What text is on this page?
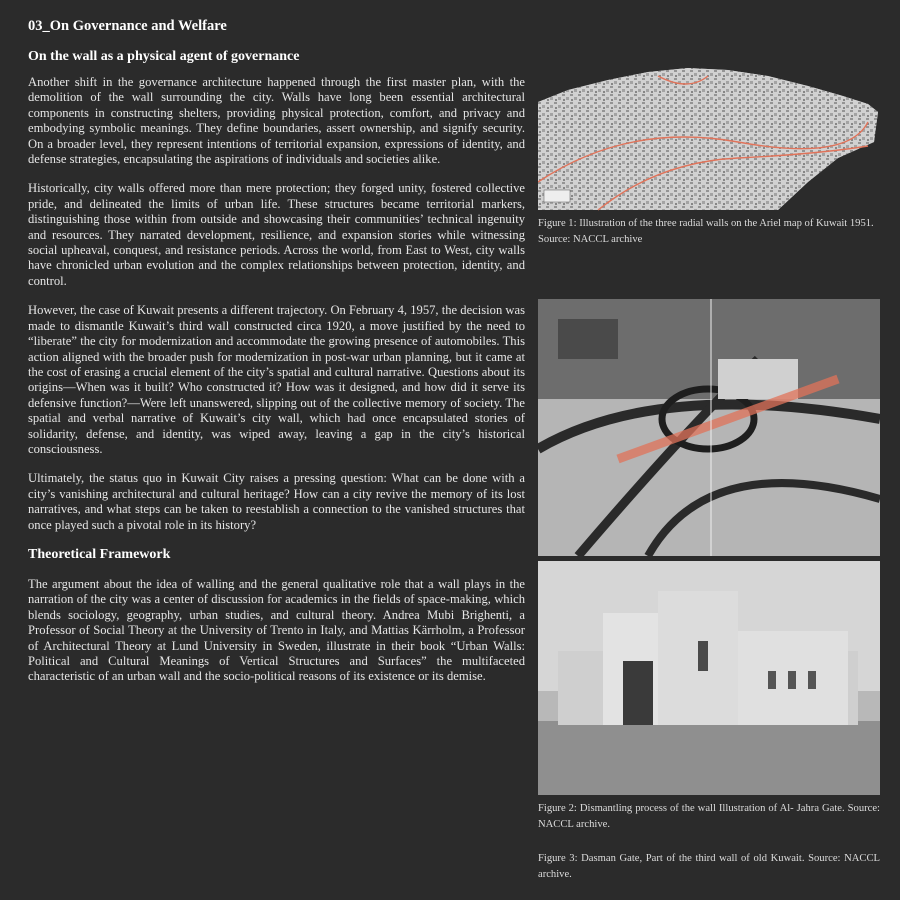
03_On Governance and Welfare
On the wall as a physical agent of governance

Another shift in the governance architecture happened through the first master plan, with the demolition of the wall surrounding the city. Walls have long been essential architectural components in constructing shelters, providing physical protection, comfort, and privacy and embodying symbolic meanings. They define boundaries, assert ownership, and signify security. On a broader level, they represent intentions of territorial expansion, expressions of identity, and defense strategies, encapsulating the aspirations of individuals and societies alike.

Historically, city walls offered more than mere protection; they forged unity, fostered collective pride, and delineated the limits of urban life. These structures became territorial markers, distinguishing those within from outside and showcasing their communities’ technical ingenuity and resources. They narrated development, resilience, and expansion stories while witnessing social upheaval, conquest, and resistance periods. Across the world, from East to West, city walls have chronicled urban evolution and the complex relationships between protection, identity, and control.

However, the case of Kuwait presents a different trajectory. On February 4, 1957, the decision was made to dismantle Kuwait’s third wall constructed circa 1920, a move justified by the need to “liberate” the city for modernization and accommodate the growing presence of automobiles. This action aligned with the broader push for modernization in post-war urban planning, but it came at the cost of erasing a crucial element of the city’s spatial and cultural narrative. Questions about its origins—When was it built? Who constructed it? How was it designed, and how did it serve its defensive function?—Were left unanswered, slipping out of the collective memory of society. The spatial and verbal narrative of Kuwait’s city wall, which had once encapsulated stories of solidarity, defense, and identity, was wiped away, leaving a gap in the city’s historical consciousness.

Ultimately, the status quo in Kuwait City raises a pressing question: What can be done with a city’s vanishing architectural and cultural heritage? How can a city revive the memory of its lost narratives, and what steps can be taken to reestablish a connection to the vanished structures that once played such a pivotal role in its history?

Theoretical Framework

The argument about the idea of walling and the general qualitative role that a wall plays in the narration of the city was a center of discussion for academics in the fields of space-making, which blends sociology, geography, urban studies, and cultural theory. Andrea Mubi Brighenti, a Professor of Social Theory at the University of Trento in Italy, and Mattias Kärrholm, a Professor of Architectural Theory at Lund University in Sweden, illustrate in their book “Urban Walls: Political and Cultural Meanings of Vertical Structures and Surfaces” the multifaceted characteristic of an urban wall and the socio-political reasons of its existence or its demise.

Figure 1: Illustration of the three radial walls on the Ariel map of Kuwait 1951. Source: NACCL archive
Figure 2: Dismantling process of the wall Illustration of Al- Jahra Gate. Source: NACCL archive.
Figure 3: Dasman Gate, Part of the third wall of old Kuwait. Source: NACCL archive.
